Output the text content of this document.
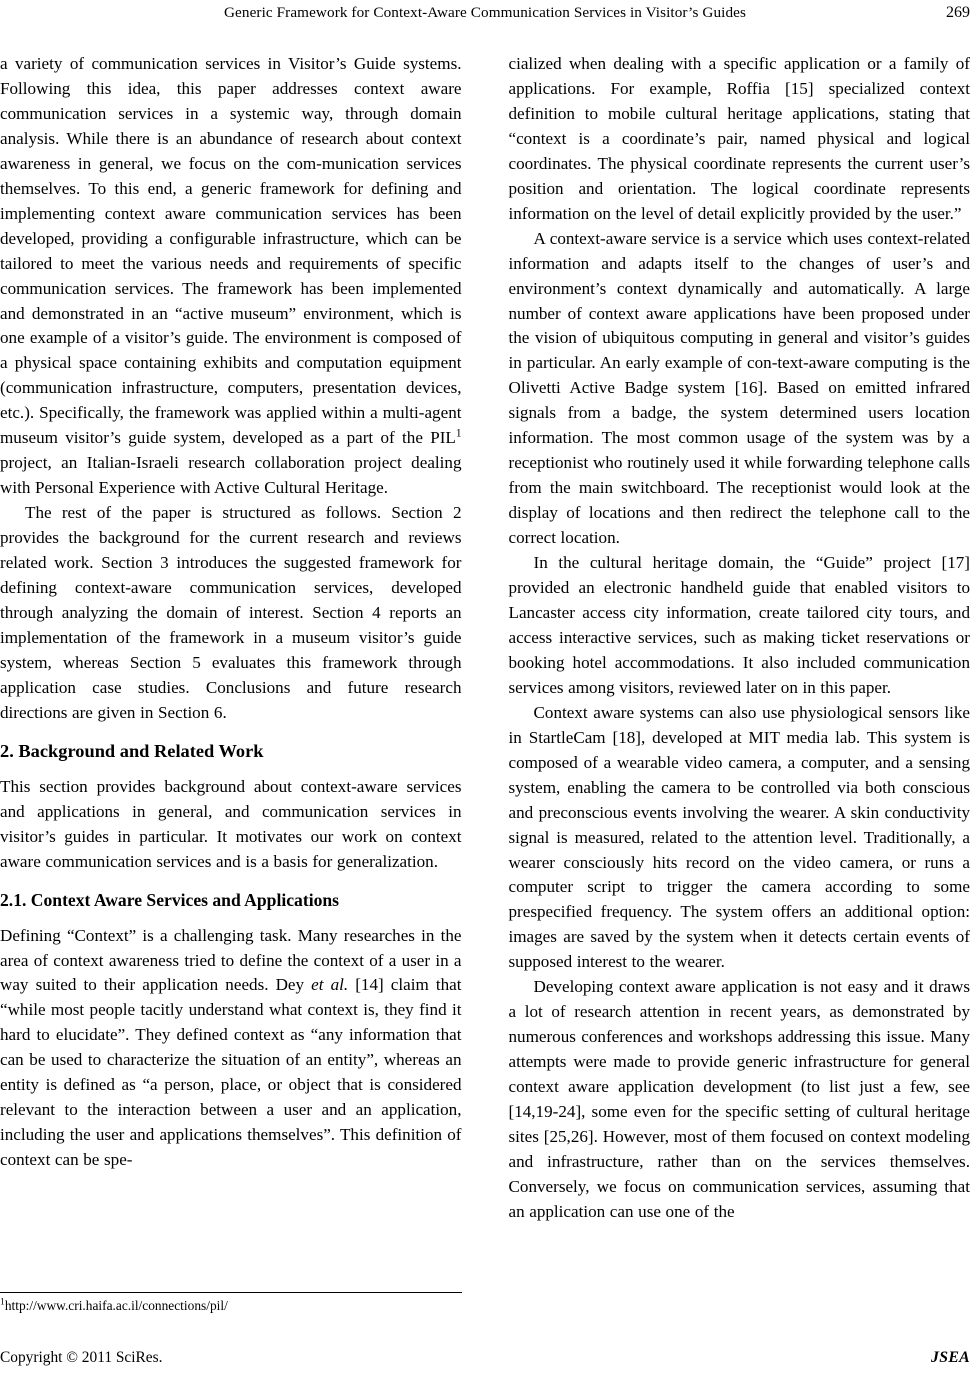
Generic Framework for Context-Aware Communication Services in Visitor’s Guides	269

a variety of communication services in Visitor’s Guide systems. Following this idea, this paper addresses context aware communication services in a systemic way, through domain analysis. While there is an abundance of research about context awareness in general, we focus on the com-munication services themselves. To this end, a generic framework for defining and implementing context aware communication services has been developed, providing a configurable infrastructure, which can be tailored to meet the various needs and requirements of specific communication services. The framework has been implemented and demonstrated in an “active museum” environment, which is one example of a visitor’s guide. The environment is composed of a physical space containing exhibits and computation equipment (communication infrastructure, computers, presentation devices, etc.). Specifically, the framework was applied within a multi-agent museum visitor’s guide system, developed as a part of the PIL$^1$ project, an Italian-Israeli research collaboration project dealing with Personal Experience with Active Cultural Heritage.

The rest of the paper is structured as follows. Section 2 provides the background for the current research and reviews related work. Section 3 introduces the suggested framework for defining context-aware communication services, developed through analyzing the domain of interest. Section 4 reports an implementation of the framework in a museum visitor’s guide system, whereas Section 5 evaluates this framework through application case studies. Conclusions and future research directions are given in Section 6.

2. Background and Related Work

This section provides background about context-aware services and applications in general, and communication services in visitor’s guides in particular. It motivates our work on context aware communication services and is a basis for generalization.

2.1. Context Aware Services and Applications

Defining “Context” is a challenging task. Many researches in the area of context awareness tried to define the context of a user in a way suited to their application needs. Dey et al. [14] claim that “while most people tacitly understand what context is, they find it hard to elucidate”. They defined context as “any information that can be used to characterize the situation of an entity”, whereas an entity is defined as “a person, place, or object that is considered relevant to the interaction between a user and an application, including the user and applications themselves”. This definition of context can be spe-

$^1$http://www.cri.haifa.ac.il/connections/pil/

cialized when dealing with a specific application or a family of applications. For example, Roffia [15] specialized context definition to mobile cultural heritage applications, stating that “context is a coordinate’s pair, named physical and logical coordinates. The physical coordinate represents the current user’s position and orientation. The logical coordinate represents information on the level of detail explicitly provided by the user.”

A context-aware service is a service which uses context-related information and adapts itself to the changes of user’s and environment’s context dynamically and automatically. A large number of context aware applications have been proposed under the vision of ubiquitous computing in general and visitor’s guides in particular. An early example of con-text-aware computing is the Olivetti Active Badge system [16]. Based on emitted infrared signals from a badge, the system determined users location information. The most common usage of the system was by a receptionist who routinely used it while forwarding telephone calls from the main switchboard. The receptionist would look at the display of locations and then redirect the telephone call to the correct location.

In the cultural heritage domain, the “Guide” project [17] provided an electronic handheld guide that enabled visitors to Lancaster access city information, create tailored city tours, and access interactive services, such as making ticket reservations or booking hotel accommodations. It also included communication services among visitors, reviewed later on in this paper.

Context aware systems can also use physiological sensors like in StartleCam [18], developed at MIT media lab. This system is composed of a wearable video camera, a computer, and a sensing system, enabling the camera to be controlled via both conscious and preconscious events involving the wearer. A skin conductivity signal is measured, related to the attention level. Traditionally, a wearer consciously hits record on the video camera, or runs a computer script to trigger the camera according to some prespecified frequency. The system offers an additional option: images are saved by the system when it detects certain events of supposed interest to the wearer.

Developing context aware application is not easy and it draws a lot of research attention in recent years, as demonstrated by numerous conferences and workshops addressing this issue. Many attempts were made to provide generic infrastructure for general context aware application development (to list just a few, see [14,19-24], some even for the specific setting of cultural heritage sites [25,26]. However, most of them focused on context modeling and infrastructure, rather than on the services themselves. Conversely, we focus on communication services, assuming that an application can use one of the

Copyright © 2011 SciRes.	JSEA
